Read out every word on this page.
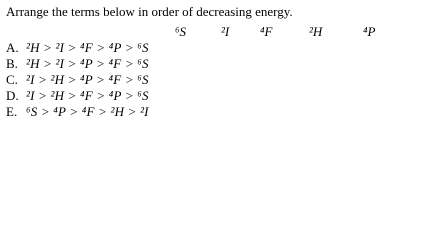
Arrange the terms below in order of decreasing energy.
⁶S	²I ⁴F	²H	⁴P
A. ²H > ²I > ⁴F > ⁴P > ⁶S
B. ²H > ²I > ⁴P > ⁴F > ⁶S
C. ²I > ²H > ⁴P > ⁴F > ⁶S
D. ²I > ²H > ⁴F > ⁴P > ⁶S
E. ⁶S > ⁴P > ⁴F > ²H > ²I
